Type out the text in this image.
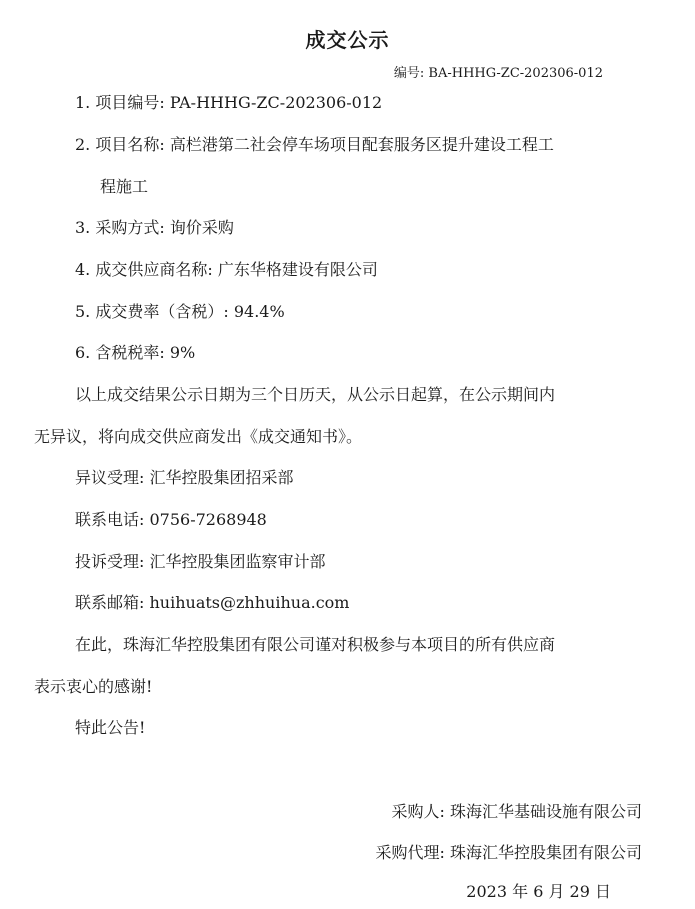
成交公示
编号: BA-HHHG-ZC-202306-012
1. 项目编号: PA-HHHG-ZC-202306-012
2. 项目名称: 高栏港第二社会停车场项目配套服务区提升建设工程工
程施工
3. 采购方式: 询价采购
4. 成交供应商名称: 广东华格建设有限公司
5. 成交费率（含税）: 94.4%
6. 含税税率: 9%
以上成交结果公示日期为三个日历天，从公示日起算，在公示期间内
无异议，将向成交供应商发出《成交通知书》。
异议受理: 汇华控股集团招采部
联系电话: 0756-7268948
投诉受理: 汇华控股集团监察审计部
联系邮箱: huihuats@zhhuihua.com
在此，珠海汇华控股集团有限公司谨对积极参与本项目的所有供应商
表示衷心的感谢!
特此公告!
采购人: 珠海汇华基础设施有限公司
采购代理: 珠海汇华控股集团有限公司
2023 年 6 月 29 日
